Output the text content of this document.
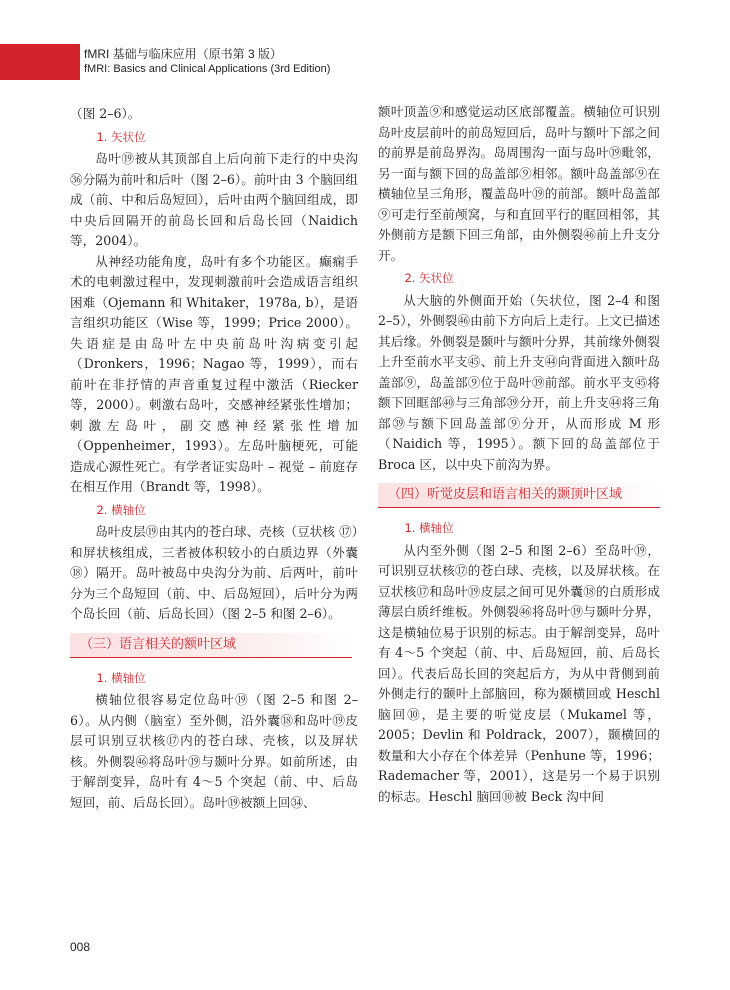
fMRI 基础与临床应用（原书第 3 版）
fMRI: Basics and Clinical Applications (3rd Edition)

（图 2–6）。

1. 矢状位

岛叶⑲被从其顶部自上后向前下走行的中央沟㊱分隔为前叶和后叶（图 2–6）。前叶由 3 个脑回组成（前、中和后岛短回），后叶由两个脑回组成，即中央后回隔开的前岛长回和后岛长回（Naidich 等，2004）。

从神经功能角度，岛叶有多个功能区。癫痫手术的电刺激过程中，发现刺激前叶会造成语言组织困难（Ojemann 和 Whitaker，1978a, b），是语言组织功能区（Wise 等，1999；Price 2000）。失语症是由岛叶左中央前岛叶沟病变引起（Dronkers，1996；Nagao 等，1999），而右前叶在非抒情的声音重复过程中激活（Riecker 等，2000）。刺激右岛叶，交感神经紧张性增加；刺激左岛叶，副交感神经紧张性增加（Oppenheimer，1993）。左岛叶脑梗死，可能造成心源性死亡。有学者证实岛叶 – 视觉 – 前庭存在相互作用（Brandt 等，1998）。

2. 横轴位

岛叶皮层⑲由其内的苍白球、壳核（豆状核 ⑰）和屏状核组成，三者被体积较小的白质边界（外囊⑱）隔开。岛叶被岛中央沟分为前、后两叶，前叶分为三个岛短回（前、中、后岛短回），后叶分为两个岛长回（前、后岛长回）（图 2–5 和图 2–6）。

（三）语言相关的额叶区域
1. 横轴位

横轴位很容易定位岛叶⑲（图 2–5 和图 2–6）。从内侧（脑室）至外侧，沿外囊⑱和岛叶⑲皮层可识别豆状核⑰内的苍白球、壳核，以及屏状核。外侧裂㊻将岛叶⑲与颞叶分界。如前所述，由于解剖变异，岛叶有 4～5 个突起（前、中、后岛短回，前、后岛长回）。岛叶⑲被额上回㉞、

额叶顶盖⑨和感觉运动区底部覆盖。横轴位可识别岛叶皮层前叶的前岛短回后，岛叶与额叶下部之间的前界是前岛界沟。岛周围沟一面与岛叶⑲毗邻，另一面与额下回的岛盖部⑨相邻。额叶岛盖部⑨在横轴位呈三角形，覆盖岛叶⑲的前部。额叶岛盖部⑨可走行至前颅窝，与和直回平行的眶回相邻，其外侧前方是额下回三角部，由外侧裂㊻前上升支分开。

2. 矢状位

从大脑的外侧面开始（矢状位，图 2–4 和图 2–5），外侧裂㊻由前下方向后上走行。上文已描述其后缘。外侧裂是颞叶与额叶分界，其前缘外侧裂上升至前水平支㊺、前上升支㊹向背面进入额叶岛盖部⑨，岛盖部⑨位于岛叶⑲前部。前水平支㊺将额下回眶部㊵与三角部㊴分开，前上升支㊹将三角部㊴与额下回岛盖部⑨分开，从而形成 M 形（Naidich 等，1995）。额下回的岛盖部位于 Broca 区，以中央下前沟为界。

（四）听觉皮层和语言相关的颞顶叶区域
1. 横轴位

从内至外侧（图 2–5 和图 2–6）至岛叶⑲，可识别豆状核⑰的苍白球、壳核，以及屏状核。在豆状核⑰和岛叶⑲皮层之间可见外囊⑱的白质形成薄层白质纤维板。外侧裂㊻将岛叶⑲与颞叶分界，这是横轴位易于识别的标志。由于解剖变异，岛叶有 4～5 个突起（前、中、后岛短回，前、后岛长回）。代表后岛长回的突起后方，为从中背侧到前外侧走行的颞叶上部脑回，称为颞横回或 Heschl 脑回⑩，是主要的听觉皮层（Mukamel 等，2005；Devlin 和 Poldrack，2007），颞横回的数量和大小存在个体差异（Penhune 等，1996；Rademacher 等，2001），这是另一个易于识别的标志。Heschl 脑回⑩被 Beck 沟中间

008
